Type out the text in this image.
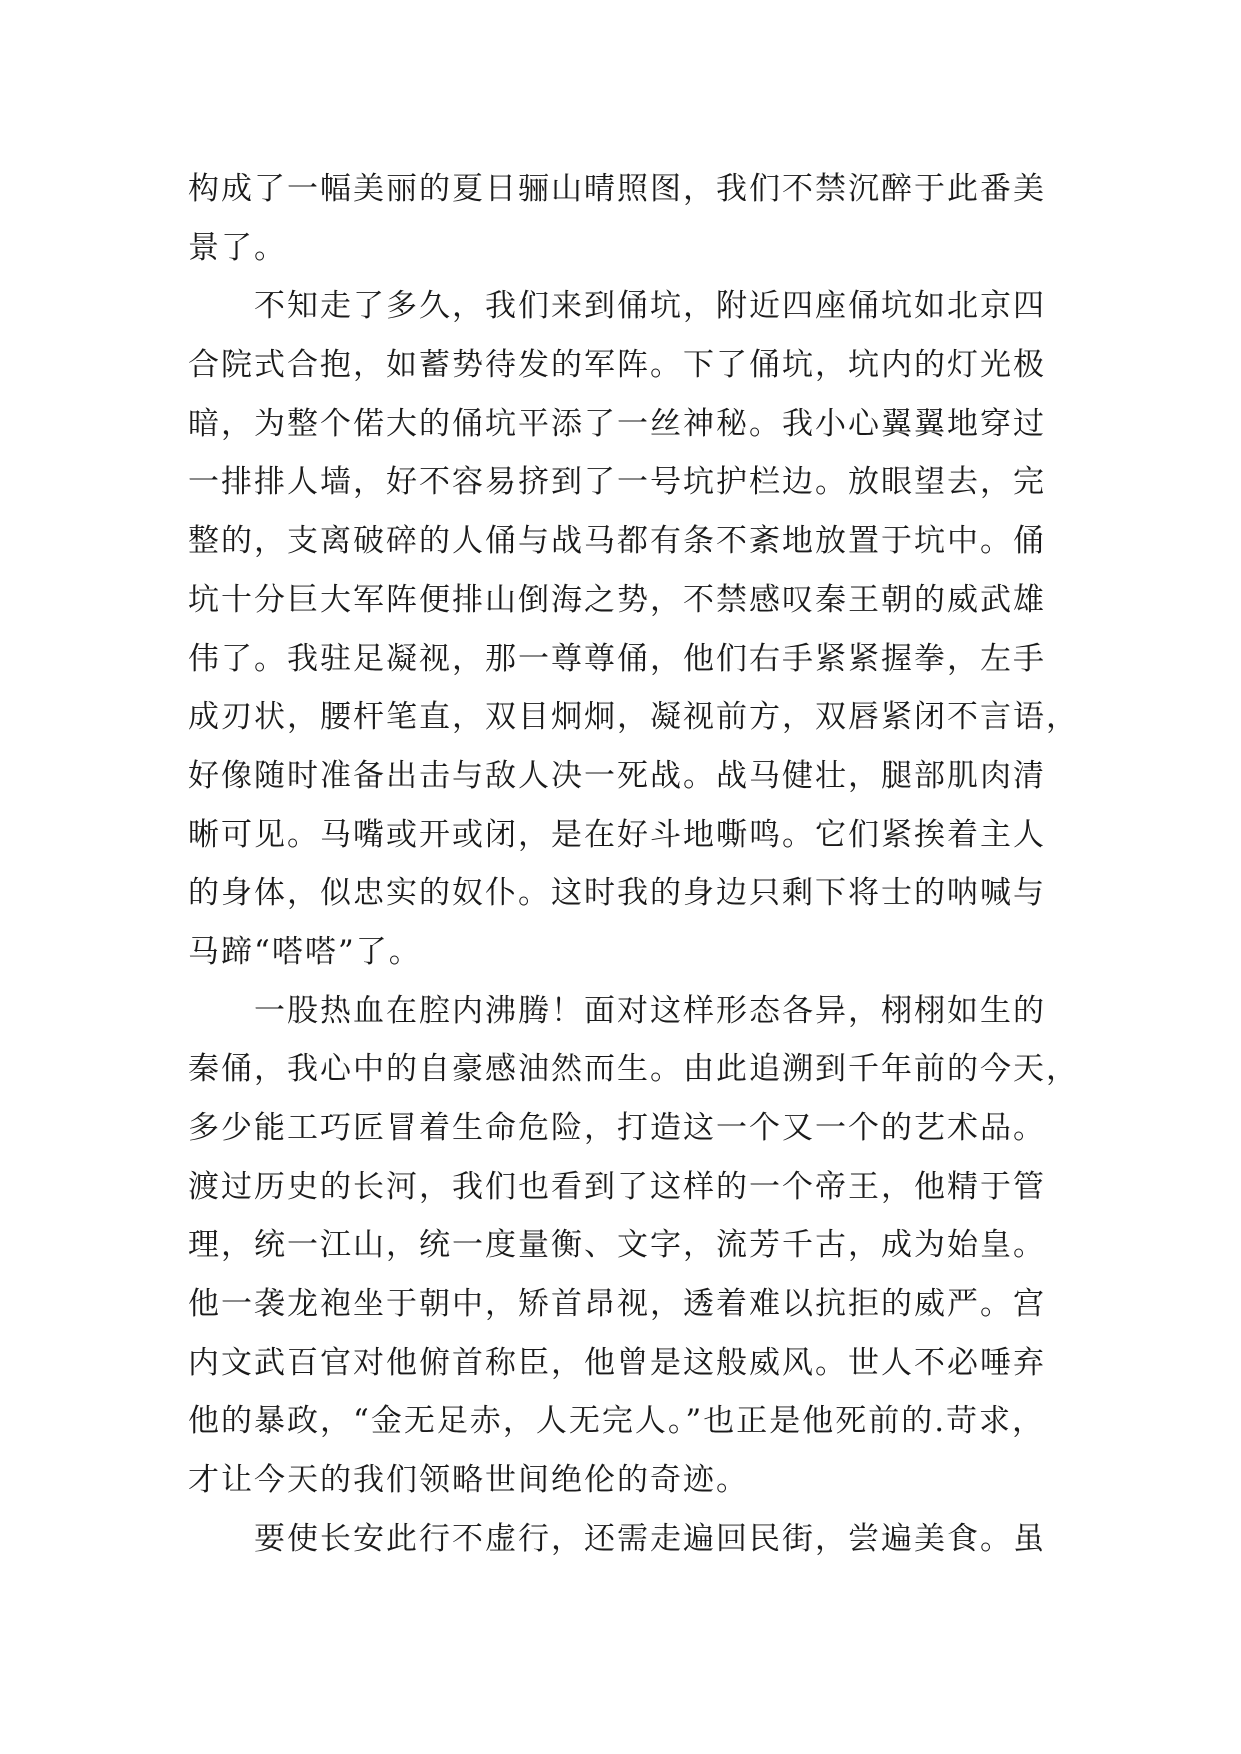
构成了一幅美丽的夏日骊山晴照图，我们不禁沉醉于此番美
景了。
不知走了多久，我们来到俑坑，附近四座俑坑如北京四
合院式合抱，如蓄势待发的军阵。下了俑坑，坑内的灯光极
暗，为整个偌大的俑坑平添了一丝神秘。我小心翼翼地穿过
一排排人墙，好不容易挤到了一号坑护栏边。放眼望去，完
整的，支离破碎的人俑与战马都有条不紊地放置于坑中。俑
坑十分巨大军阵便排山倒海之势，不禁感叹秦王朝的威武雄
伟了。我驻足凝视，那一尊尊俑，他们右手紧紧握拳，左手
成刃状，腰杆笔直，双目炯炯，凝视前方，双唇紧闭不言语，
好像随时准备出击与敌人决一死战。战马健壮，腿部肌肉清
晰可见。马嘴或开或闭，是在好斗地嘶鸣。它们紧挨着主人
的身体，似忠实的奴仆。这时我的身边只剩下将士的呐喊与
马蹄“嗒嗒”了。
一股热血在腔内沸腾！面对这样形态各异，栩栩如生的
秦俑，我心中的自豪感油然而生。由此追溯到千年前的今天，
多少能工巧匠冒着生命危险，打造这一个又一个的艺术品。
渡过历史的长河，我们也看到了这样的一个帝王，他精于管
理，统一江山，统一度量衡、文字，流芳千古，成为始皇。
他一袭龙袍坐于朝中，矫首昂视，透着难以抗拒的威严。宫
内文武百官对他俯首称臣，他曾是这般威风。世人不必唾弃
他的暴政，“金无足赤，人无完人。”也正是他死前的.苛求，
才让今天的我们领略世间绝伦的奇迹。
要使长安此行不虚行，还需走遍回民街，尝遍美食。虽
